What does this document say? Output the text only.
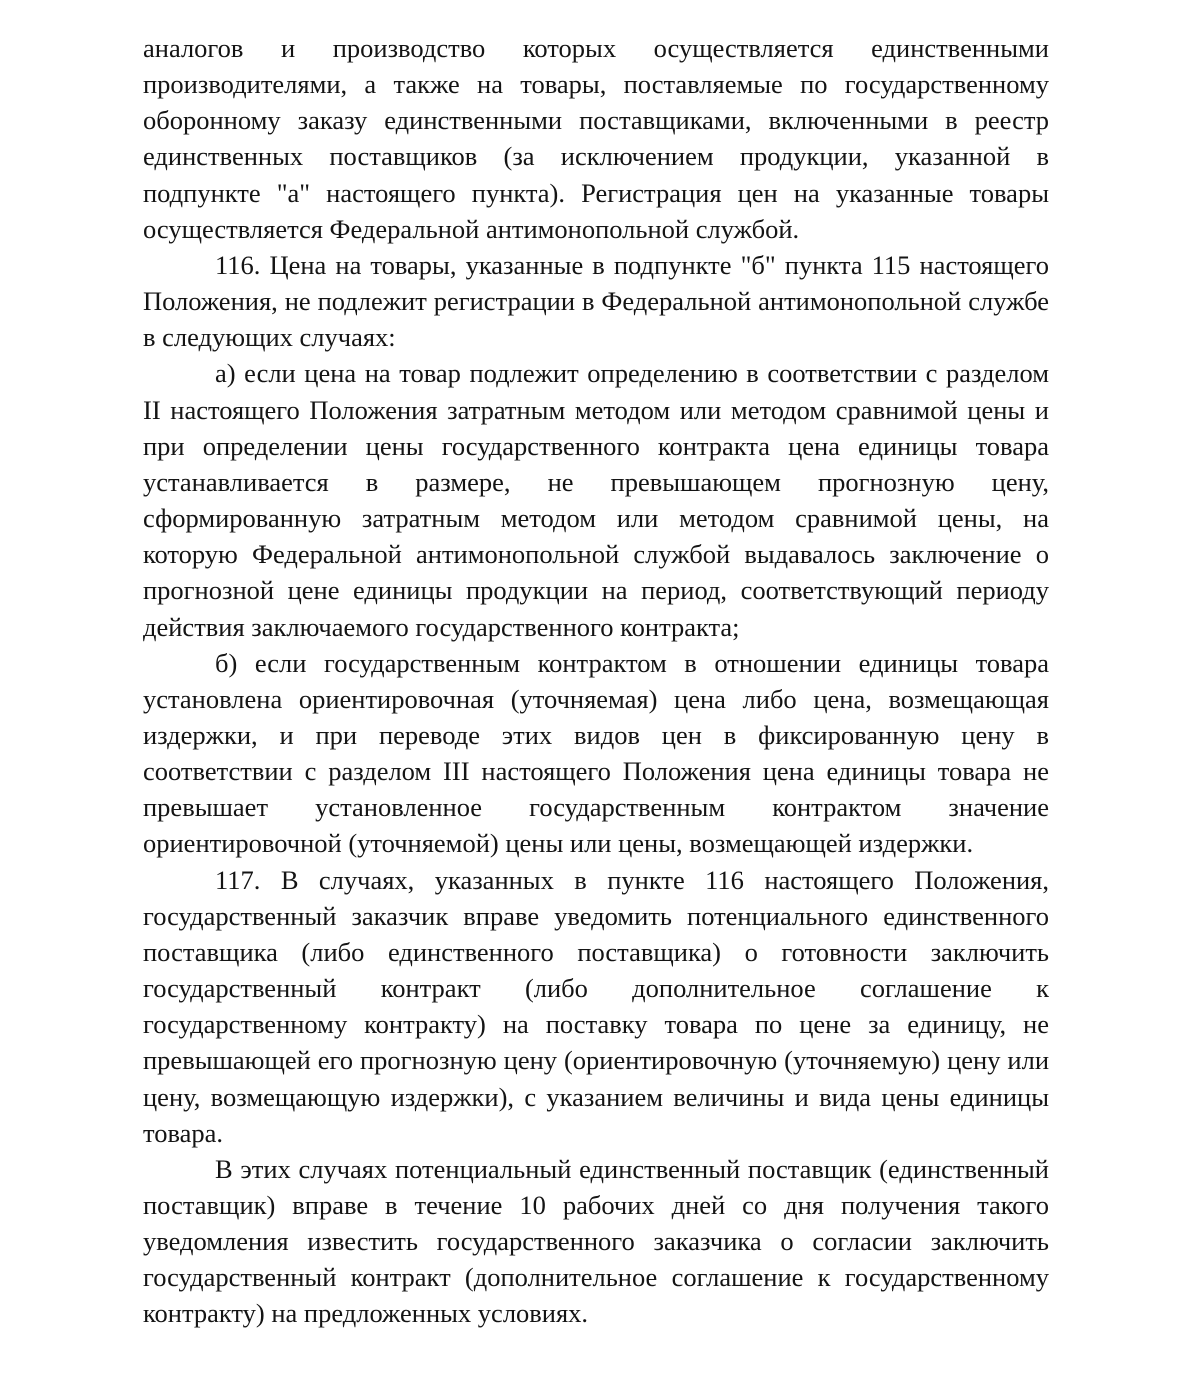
аналогов и производство которых осуществляется единственными производителями, а также на товары, поставляемые по государственному оборонному заказу единственными поставщиками, включенными в реестр единственных поставщиков (за исключением продукции, указанной в подпункте "а" настоящего пункта). Регистрация цен на указанные товары осуществляется Федеральной антимонопольной службой.

116. Цена на товары, указанные в подпункте "б" пункта 115 настоящего Положения, не подлежит регистрации в Федеральной антимонопольной службе в следующих случаях:

а) если цена на товар подлежит определению в соответствии с разделом II настоящего Положения затратным методом или методом сравнимой цены и при определении цены государственного контракта цена единицы товара устанавливается в размере, не превышающем прогнозную цену, сформированную затратным методом или методом сравнимой цены, на которую Федеральной антимонопольной службой выдавалось заключение о прогнозной цене единицы продукции на период, соответствующий периоду действия заключаемого государственного контракта;

б) если государственным контрактом в отношении единицы товара установлена ориентировочная (уточняемая) цена либо цена, возмещающая издержки, и при переводе этих видов цен в фиксированную цену в соответствии с разделом III настоящего Положения цена единицы товара не превышает установленное государственным контрактом значение ориентировочной (уточняемой) цены или цены, возмещающей издержки.

117. В случаях, указанных в пункте 116 настоящего Положения, государственный заказчик вправе уведомить потенциального единственного поставщика (либо единственного поставщика) о готовности заключить государственный контракт (либо дополнительное соглашение к государственному контракту) на поставку товара по цене за единицу, не превышающей его прогнозную цену (ориентировочную (уточняемую) цену или цену, возмещающую издержки), с указанием величины и вида цены единицы товара.

В этих случаях потенциальный единственный поставщик (единственный поставщик) вправе в течение 10 рабочих дней со дня получения такого уведомления известить государственного заказчика о согласии заключить государственный контракт (дополнительное соглашение к государственному контракту) на предложенных условиях.
